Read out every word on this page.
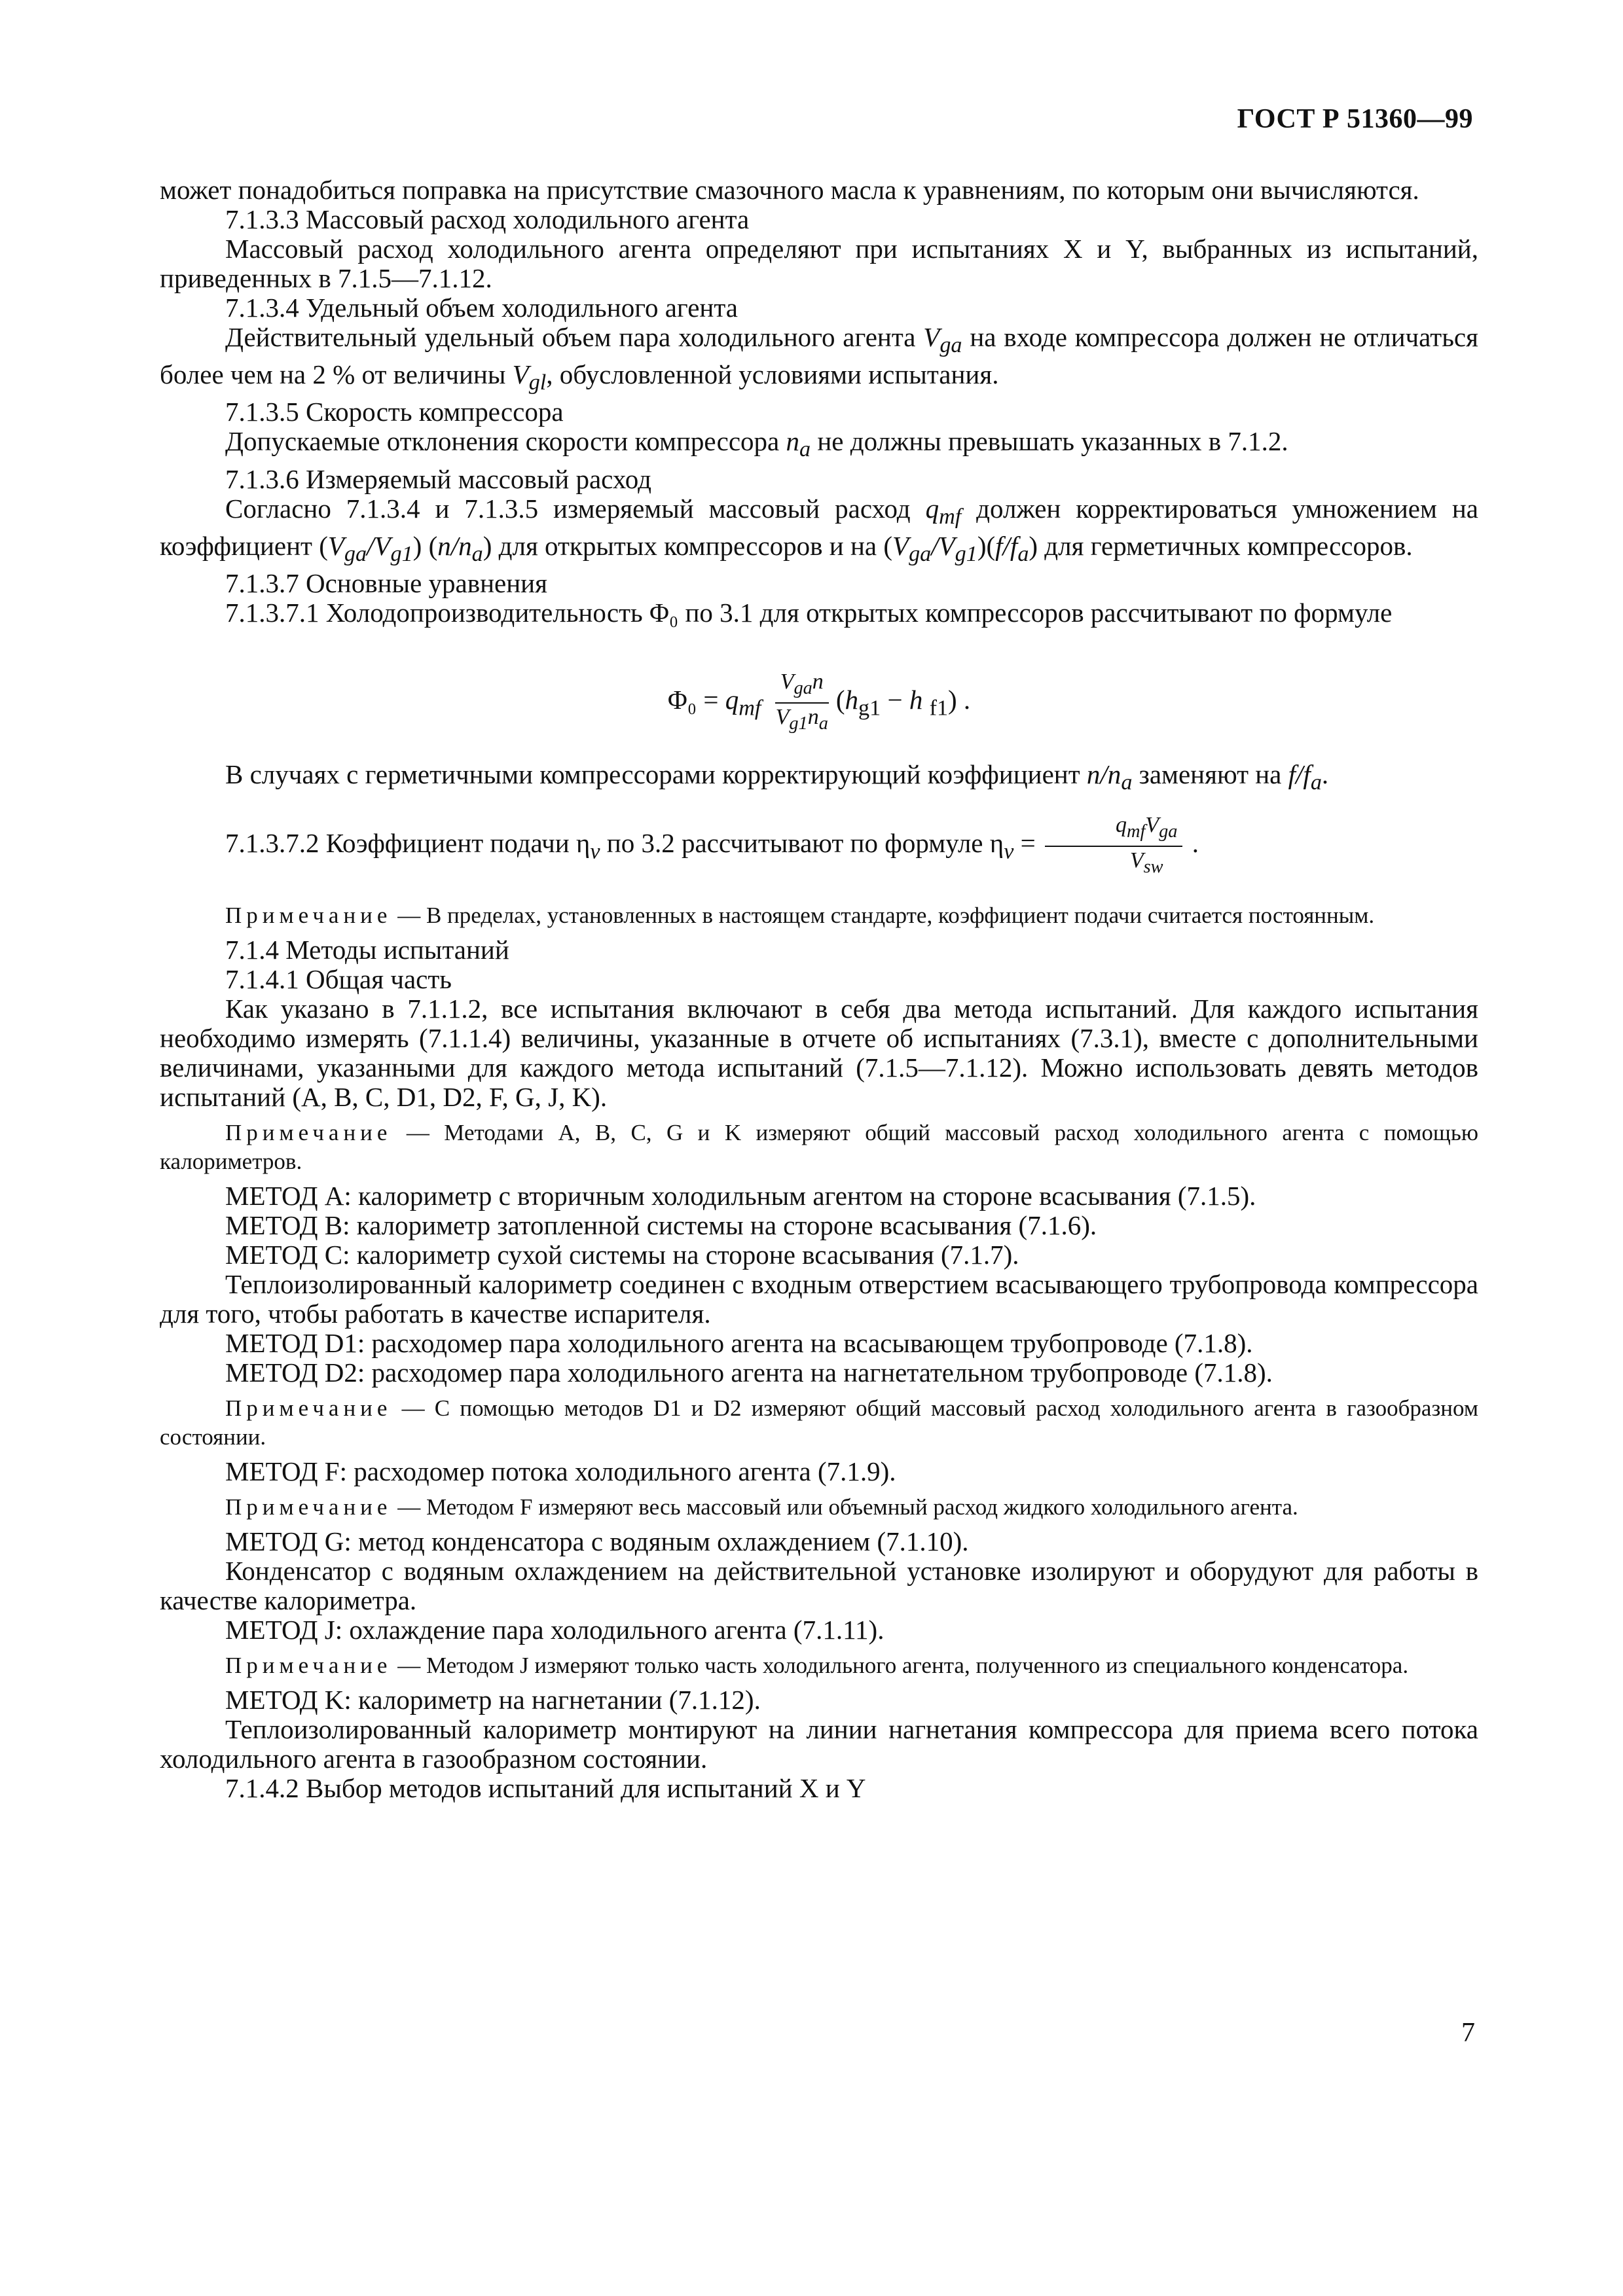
ГОСТ Р 51360—99

может понадобиться поправка на присутствие смазочного масла к уравнениям, по которым они вычисляются.

7.1.3.3 Массовый расход холодильного агента

Массовый расход холодильного агента определяют при испытаниях X и Y, выбранных из испытаний, приведенных в 7.1.5—7.1.12.

7.1.3.4 Удельный объем холодильного агента

Действительный удельный объем пара холодильного агента $V_{ga}$ на входе компрессора должен не отличаться более чем на 2 % от величины $V_{gl}$, обусловленной условиями испытания.

7.1.3.5 Скорость компрессора

Допускаемые отклонения скорости компрессора $n_a$ не должны превышать указанных в 7.1.2.

7.1.3.6 Измеряемый массовый расход

Согласно 7.1.3.4 и 7.1.3.5 измеряемый массовый расход $q_{mf}$ должен корректироваться умножением на коэффициент $(V_{ga}/V_{g1})$ $(n/n_a)$ для открытых компрессоров и на $(V_{ga}/V_{g1})(f/f_a)$ для герметичных компрессоров.

7.1.3.7 Основные уравнения

7.1.3.7.1 Холодопроизводительность Φ₀ по 3.1 для открытых компрессоров рассчитывают по формуле

$\Phi_0 = q_{mf} \frac{V_{ga}n}{V_{g1}n_a} (h_{g1} - h$ $_{f1}$) .

В случаях с герметичными компрессорами корректирующий коэффициент $n/n_a$ заменяют на $f/f_a$.

7.1.3.7.2 Коэффициент подачи $\eta_v$ по 3.2 рассчитывают по формуле $\eta_v = \frac{q_{mf}V_{ga}}{V_{sw}}$ .

Примечание — В пределах, установленных в настоящем стандарте, коэффициент подачи считается постоянным.

7.1.4 Методы испытаний

7.1.4.1 Общая часть

Как указано в 7.1.1.2, все испытания включают в себя два метода испытаний. Для каждого испытания необходимо измерять (7.1.1.4) величины, указанные в отчете об испытаниях (7.3.1), вместе с дополнительными величинами, указанными для каждого метода испытаний (7.1.5—7.1.12). Можно использовать девять методов испытаний (A, B, C, D1, D2, F, G, J, K).

Примечание — Методами A, B, C, G и K измеряют общий массовый расход холодильного агента с помощью калориметров.

МЕТОД A: калориметр с вторичным холодильным агентом на стороне всасывания (7.1.5).

МЕТОД B: калориметр затопленной системы на стороне всасывания (7.1.6).

МЕТОД C: калориметр сухой системы на стороне всасывания (7.1.7).

Теплоизолированный калориметр соединен с входным отверстием всасывающего трубопровода компрессора для того, чтобы работать в качестве испарителя.

МЕТОД D1: расходомер пара холодильного агента на всасывающем трубопроводе (7.1.8).

МЕТОД D2: расходомер пара холодильного агента на нагнетательном трубопроводе (7.1.8).

Примечание — С помощью методов D1 и D2 измеряют общий массовый расход холодильного агента в газообразном состоянии.

МЕТОД F: расходомер потока холодильного агента (7.1.9).

Примечание — Методом F измеряют весь массовый или объемный расход жидкого холодильного агента.

МЕТОД G: метод конденсатора с водяным охлаждением (7.1.10).

Конденсатор с водяным охлаждением на действительной установке изолируют и оборудуют для работы в качестве калориметра.

МЕТОД J: охлаждение пара холодильного агента (7.1.11).

Примечание — Методом J измеряют только часть холодильного агента, полученного из специального конденсатора.

МЕТОД K: калориметр на нагнетании (7.1.12).

Теплоизолированный калориметр монтируют на линии нагнетания компрессора для приема всего потока холодильного агента в газообразном состоянии.

7.1.4.2 Выбор методов испытаний для испытаний X и Y

7
